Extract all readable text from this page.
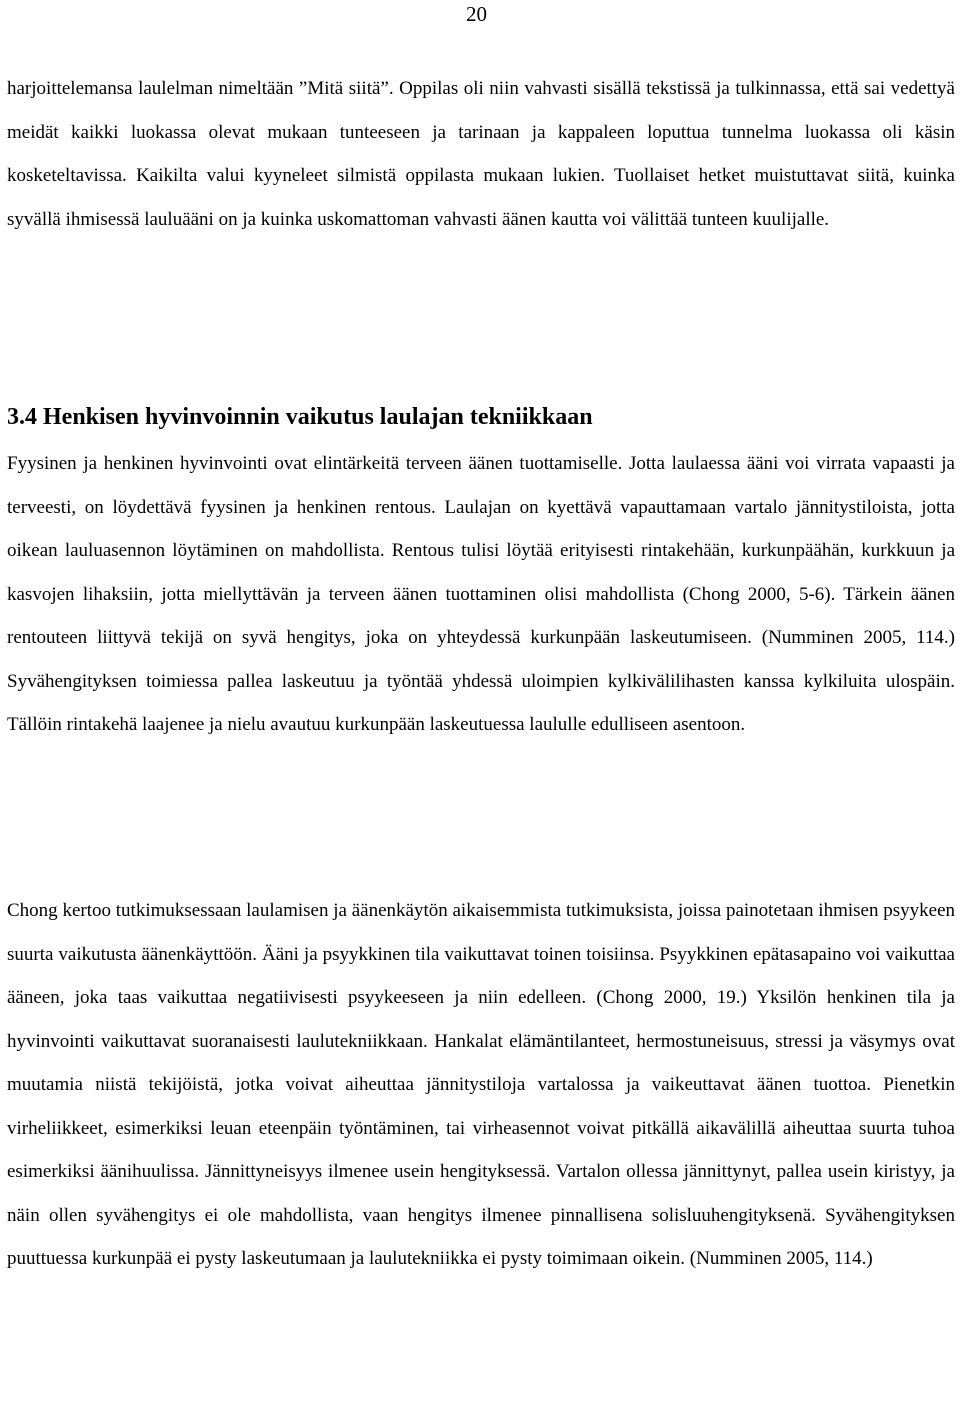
20

harjoittelemansa laulelman nimeltään ”Mitä siitä”. Oppilas oli niin vahvasti sisällä tekstissä ja tulkinnassa, että sai vedettyä meidät kaikki luokassa olevat mukaan tunteeseen ja tarinaan ja kappaleen loputtua tunnelma luokassa oli käsin kosketeltavissa. Kaikilta valui kyyneleet silmistä oppilasta mukaan lukien. Tuollaiset hetket muistuttavat siitä, kuinka syvällä ihmisessä lauluääni on ja kuinka uskomattoman vahvasti äänen kautta voi välittää tunteen kuulijalle.

3.4 Henkisen hyvinvoinnin vaikutus laulajan tekniikkaan

Fyysinen ja henkinen hyvinvointi ovat elintärkeitä terveen äänen tuottamiselle. Jotta laulaessa ääni voi virrata vapaasti ja terveesti, on löydettävä fyysinen ja henkinen rentous. Laulajan on kyettävä vapauttamaan vartalo jännitystiloista, jotta oikean lauluasennon löytäminen on mahdollista. Rentous tulisi löytää erityisesti rintakehään, kurkunpäähän, kurkkuun ja kasvojen lihaksiin, jotta miellyttävän ja terveen äänen tuottaminen olisi mahdollista (Chong 2000, 5-6). Tärkein äänen rentouteen liittyvä tekijä on syvä hengitys, joka on yhteydessä kurkunpään laskeutumiseen. (Numminen 2005, 114.) Syvähengityksen toimiessa pallea laskeutuu ja työntää yhdessä uloimpien kylkivälilihasten kanssa kylkiluita ulospäin. Tällöin rintakehä laajenee ja nielu avautuu kurkunpään laskeutuessa laululle edulliseen asentoon.

Chong kertoo tutkimuksessaan laulamisen ja äänenkäytön aikaisemmista tutkimuksista, joissa painotetaan ihmisen psyykeen suurta vaikutusta äänenkäyttöön. Ääni ja psyykkinen tila vaikuttavat toinen toisiinsa. Psyykkinen epätasapaino voi vaikuttaa ääneen, joka taas vaikuttaa negatiivisesti psyykeeseen ja niin edelleen. (Chong 2000, 19.) Yksilön henkinen tila ja hyvinvointi vaikuttavat suoranaisesti laulutekniikkaan. Hankalat elämäntilanteet, hermostuneisuus, stressi ja väsymys ovat muutamia niistä tekijöistä, jotka voivat aiheuttaa jännitystiloja vartalossa ja vaikeuttavat äänen tuottoa. Pienetkin virheliikkeet, esimerkiksi leuan eteenpäin työntäminen, tai virheasennot voivat pitkällä aikavälillä aiheuttaa suurta tuhoa esimerkiksi äänihuulissa. Jännittyneisyys ilmenee usein hengityksessä. Vartalon ollessa jännittynyt, pallea usein kiristyy, ja näin ollen syvähengitys ei ole mahdollista, vaan hengitys ilmenee pinnallisena solisluuhengityksenä. Syvähengityksen puuttuessa kurkunpää ei pysty laskeutumaan ja laulutekniikka ei pysty toimimaan oikein. (Numminen 2005, 114.)
